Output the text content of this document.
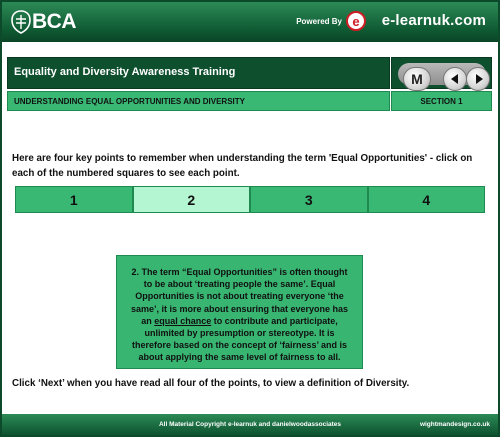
BCA	Powered By e e-learnuk.com
Equality and Diversity Awareness Training	M
UNDERSTANDING EQUAL OPPORTUNITIES AND DIVERSITY	SECTION 1

Here are four key points to remember when understanding the term 'Equal Opportunities' - click on each of the numbered squares to see each point.

1	2	3	4
2. The term “Equal Opportunities” is often thought to be about ‘treating people the same’. Equal Opportunities is not about treating everyone ‘the same’, it is more about ensuring that everyone has an equal chance to contribute and participate, unlimited by presumption or stereotype. It is therefore based on the concept of ‘fairness’ and is about applying the same level of fairness to all.

Click ‘Next’ when you have read all four of the points, to view a definition of Diversity.

All Material Copyright e-learnuk and danielwoodassociates	wightmandesign.co.uk
